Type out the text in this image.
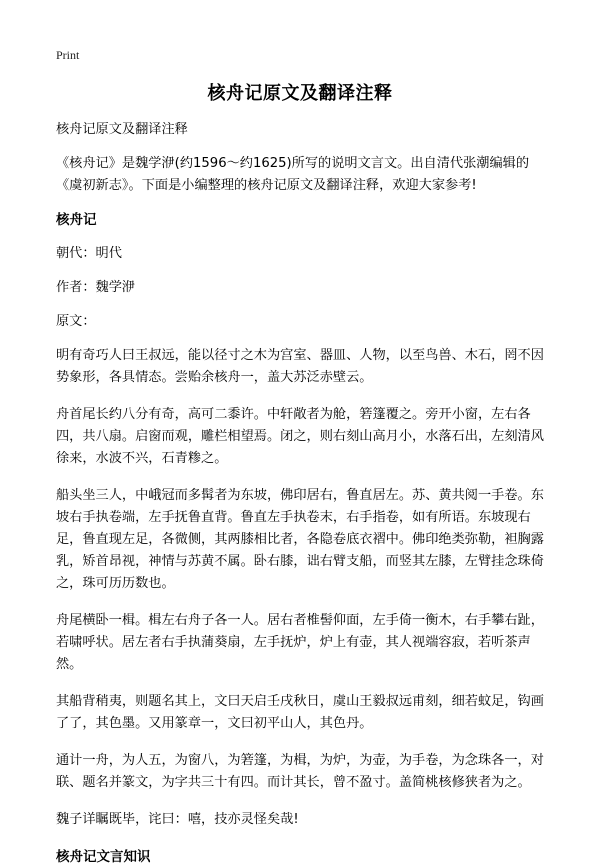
Print
核舟记原文及翻译注释

核舟记原文及翻译注释

《核舟记》是魏学洢(约1596～约1625)所写的说明文言文。出自清代张潮编辑的《虞初新志》。下面是小编整理的核舟记原文及翻译注释，欢迎大家参考!

核舟记

朝代：明代

作者：魏学洢

原文：

明有奇巧人曰王叔远，能以径寸之木为宫室、器皿、人物，以至鸟兽、木石，罔不因势象形，各具情态。尝贻余核舟一，盖大苏泛赤壁云。

舟首尾长约八分有奇，高可二黍许。中轩敞者为舱，箬篷覆之。旁开小窗，左右各四，共八扇。启窗而观，雕栏相望焉。闭之，则右刻山高月小，水落石出，左刻清风徐来，水波不兴，石青糁之。

船头坐三人，中峨冠而多髯者为东坡，佛印居右，鲁直居左。苏、黄共阅一手卷。东坡右手执卷端，左手抚鲁直背。鲁直左手执卷末，右手指卷，如有所语。东坡现右足，鲁直现左足，各微侧，其两膝相比者，各隐卷底衣褶中。佛印绝类弥勒，袒胸露乳，矫首昂视，神情与苏黄不属。卧右膝，诎右臂支船，而竖其左膝，左臂挂念珠倚之，珠可历历数也。

舟尾横卧一楫。楫左右舟子各一人。居右者椎髻仰面，左手倚一衡木，右手攀右趾，若啸呼状。居左者右手执蒲葵扇，左手抚炉，炉上有壶，其人视端容寂，若听茶声然。

其船背稍夷，则题名其上，文曰天启壬戌秋日，虞山王毅叔远甫刻，细若蚊足，钩画了了，其色墨。又用篆章一，文曰初平山人，其色丹。

通计一舟，为人五，为窗八，为箬篷，为楫，为炉，为壶，为手卷，为念珠各一，对联、题名并篆文，为字共三十有四。而计其长，曾不盈寸。盖简桃核修狭者为之。

魏子详瞩既毕，诧曰：嘻，技亦灵怪矣哉!

核舟记文言知识
